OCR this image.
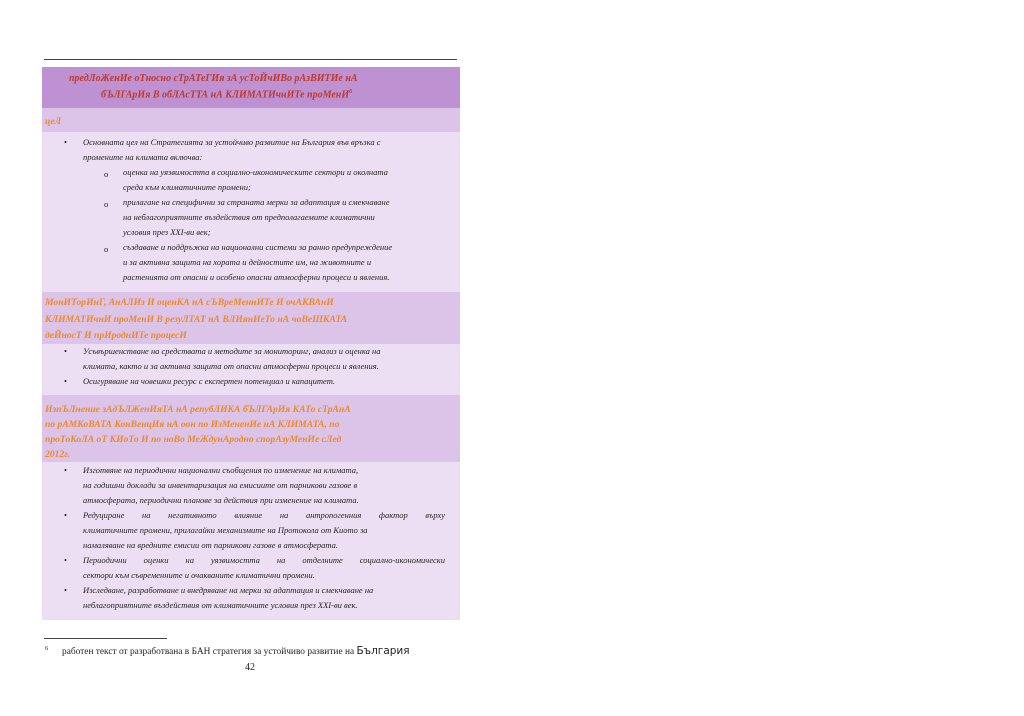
предЛоЖенИе оТносно сТрАТеГИя зА усТоЙчИВо рАзВИТИе нА
бЪЛГАрИя В обЛАсТТА нА КЛИМАТИчнИТе проМенИ$^6$
цеЛ
• Основната цел на Стратегията за устойчиво развитие на България във връзка с
промените на климата включва:
o оценка на уязвимостта в социално-икономическите сектори и околната
среда към климатичните промени;
o прилагане на специфични за страната мерки за адаптация и смекчаване
на неблагоприятните въздействия от предполагаемите климатични
условия през XXI-ви век;
o създаване и поддръжка на национални системи за ранно предупреждение
и за активна защита на хората и дейностите им, на животните и
растенията от опасни и особено опасни атмосферни процеси и явления.
МонИТорИнГ, АнАЛИз И оценКА нА сЪВреМеннИТе И очАКВАнИ
КЛИМАТИчнИ проМенИ В резуЛТАТ нА ВЛИянИеТо нА чоВеШКАТА
деЙносТ И прИроднИТе процесИ
• Усъвършенстване на средствата и методите за мониторинг, анализ и оценка на
климата, както и за активна защита от опасни атмосферни процеси и явления.
• Осигуряване на човешки ресурс с експертен потенциал и капацитет.
ИзпЪЛнение зАдЪЛЖенИяТА нА репубЛИКА бЪЛГАрИя КАТо сТрАнА
по рАМКоВАТА КонВенцИя нА оон по ИзМененИе нА КЛИМАТА, по
проТоКоЛА оТ КИоТо И по ноВо МеЖдунАродно спорАзуМенИе сЛед
2012г.
• Изготвяне на периодични национални съобщения по изменение на климата,
на годишни доклади за инвентаризация на емисиите от парникови газове в
атмосферата, периодични планове за действия при изменение на климата.
• Редуциране на негативното влияние на антропогенния фактор върху
климатичните промени, прилагайки механизмите на Протокола от Киото за
намаляване на вредните емисии от парникови газове в атмосферата.
• Периодични оценки на уязвимостта на отделните социално-икономически
сектори към съвременните и очакваните климатични промени.
• Изследване, разработване и внедряване на мерки за адаптация и смекчаване на
неблагоприятните въздействия от климатичните условия през XXI-ви век.
6 работен текст от разработвана в БАН стратегия за устойчиво развитие на България
42
